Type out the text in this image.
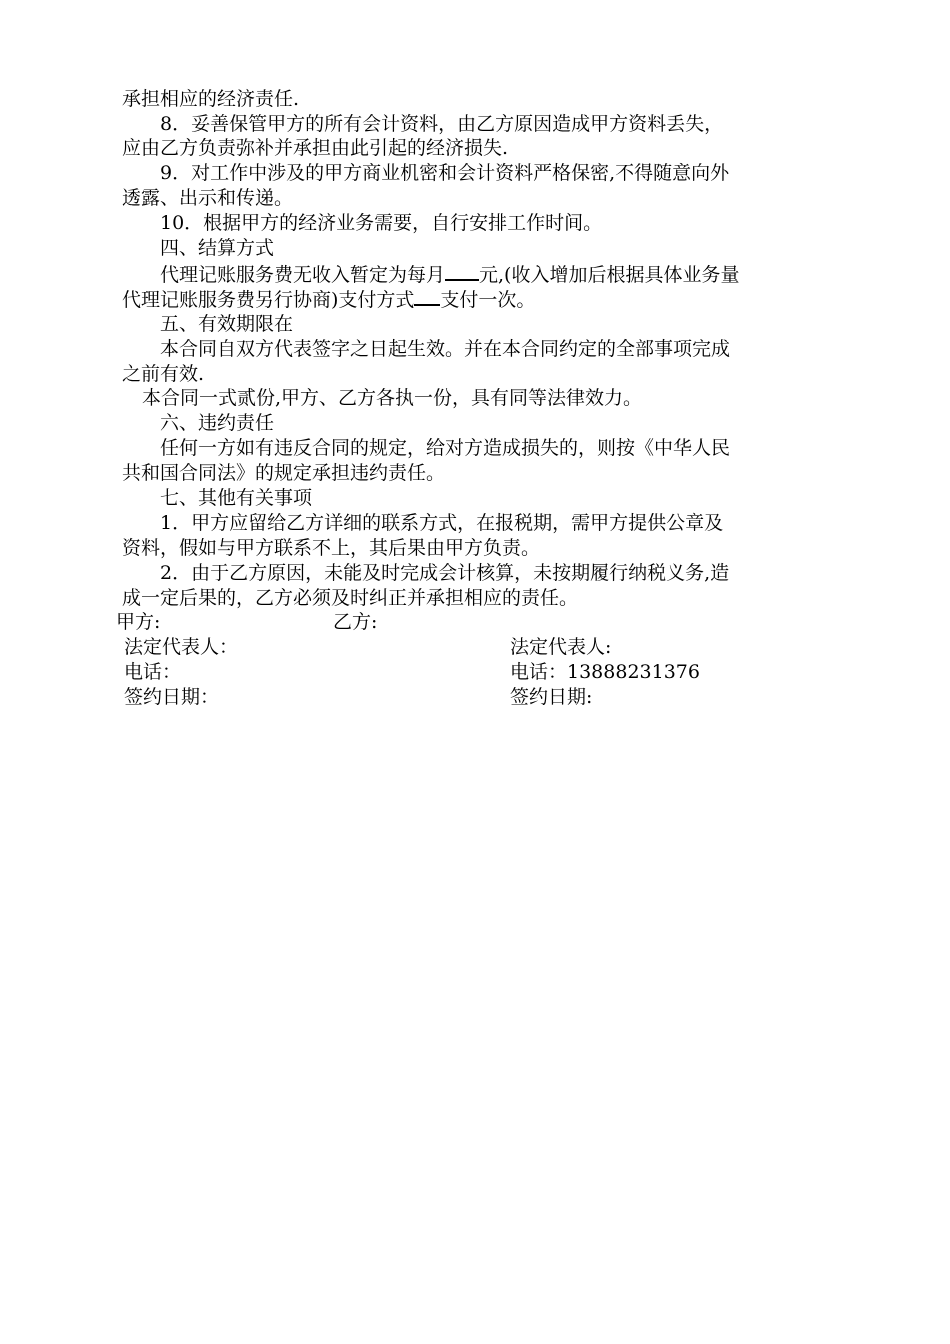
承担相应的经济责任.
8．妥善保管甲方的所有会计资料，由乙方原因造成甲方资料丢失，
应由乙方负责弥补并承担由此引起的经济损失.
9．对工作中涉及的甲方商业机密和会计资料严格保密,不得随意向外
透露、出示和传递。
10．根据甲方的经济业务需要，自行安排工作时间。
四、结算方式
代理记账服务费无收入暂定为每月 元,(收入增加后根据具体业务量
代理记账服务费另行协商)支付方式 支付一次。
五、有效期限在
本合同自双方代表签字之日起生效。并在本合同约定的全部事项完成
之前有效.
本合同一式贰份,甲方、乙方各执一份，具有同等法律效力。
六、违约责任
任何一方如有违反合同的规定，给对方造成损失的，则按《中华人民
共和国合同法》的规定承担违约责任。
七、其他有关事项
1．甲方应留给乙方详细的联系方式，在报税期，需甲方提供公章及
资料，假如与甲方联系不上，其后果由甲方负责。
2．由于乙方原因，未能及时完成会计核算，未按期履行纳税义务,造
成一定后果的，乙方必须及时纠正并承担相应的责任。
甲方:	乙方:
法定代表人：	法定代表人:
电话：	电话：13888231376
签约日期：	签约日期:
